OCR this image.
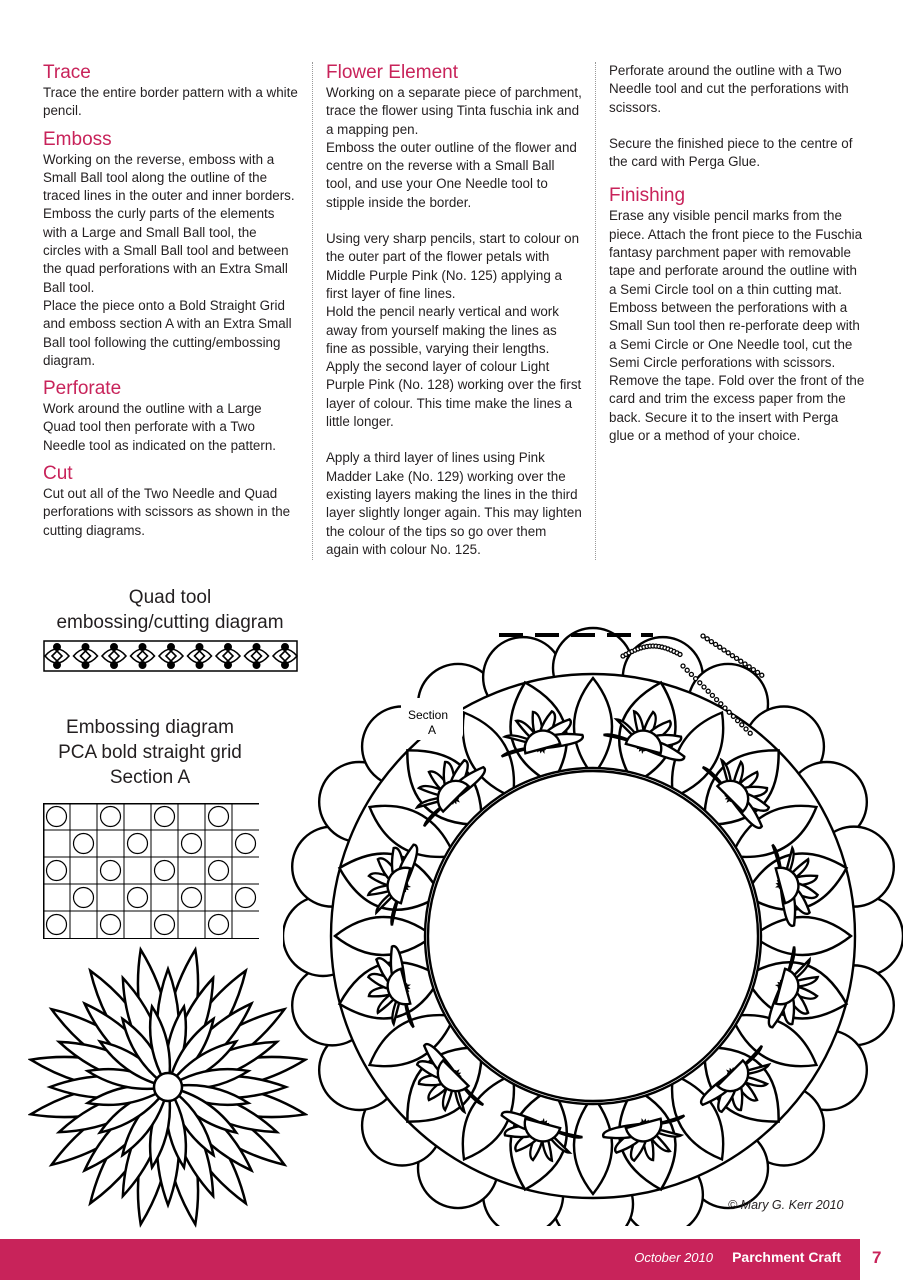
Trace

Trace the entire border pattern with a white pencil.

Emboss

Working on the reverse, emboss with a Small Ball tool along the outline of the traced lines in the outer and inner borders. Emboss the curly parts of the elements with a Large and Small Ball tool, the circles with a Small Ball tool and between the quad perforations with an Extra Small Ball tool.

Place the piece onto a Bold Straight Grid and emboss section A with an Extra Small Ball tool following the cutting/embossing diagram.

Perforate

Work around the outline with a Large Quad tool then perforate with a Two Needle tool as indicated on the pattern.

Cut

Cut out all of the Two Needle and Quad perforations with scissors as shown in the cutting diagrams.

Flower Element

Working on a separate piece of parchment, trace the flower using Tinta fuschia ink and a mapping pen.

Emboss the outer outline of the flower and centre on the reverse with a Small Ball tool, and use your One Needle tool to stipple inside the border.

Using very sharp pencils, start to colour on the outer part of the flower petals with Middle Purple Pink (No. 125) applying a first layer of fine lines.

Hold the pencil nearly vertical and work away from yourself making the lines as fine as possible, varying their lengths. Apply the second layer of colour Light Purple Pink (No. 128) working over the first layer of colour. This time make the lines a little longer.

Apply a third layer of lines using Pink Madder Lake (No. 129) working over the existing layers making the lines in the third layer slightly longer again. This may lighten the colour of the tips so go over them again with colour No. 125.

Perforate around the outline with a Two Needle tool and cut the perforations with scissors.

Secure the finished piece to the centre of the card with Perga Glue.

Finishing

Erase any visible pencil marks from the piece. Attach the front piece to the Fuschia fantasy parchment paper with removable tape and perforate around the outline with a Semi Circle tool on a thin cutting mat. Emboss between the perforations with a Small Sun tool then re-perforate deep with a Semi Circle or One Needle tool, cut the Semi Circle perforations with scissors.

Remove the tape. Fold over the front of the card and trim the excess paper from the back. Secure it to the insert with Perga glue or a method of your choice.

Quad tool
embossing/cutting diagram
Embossing diagram
PCA bold straight grid
Section A
Section
A
© Mary G. Kerr 2010
October 2010 Parchment Craft 7
